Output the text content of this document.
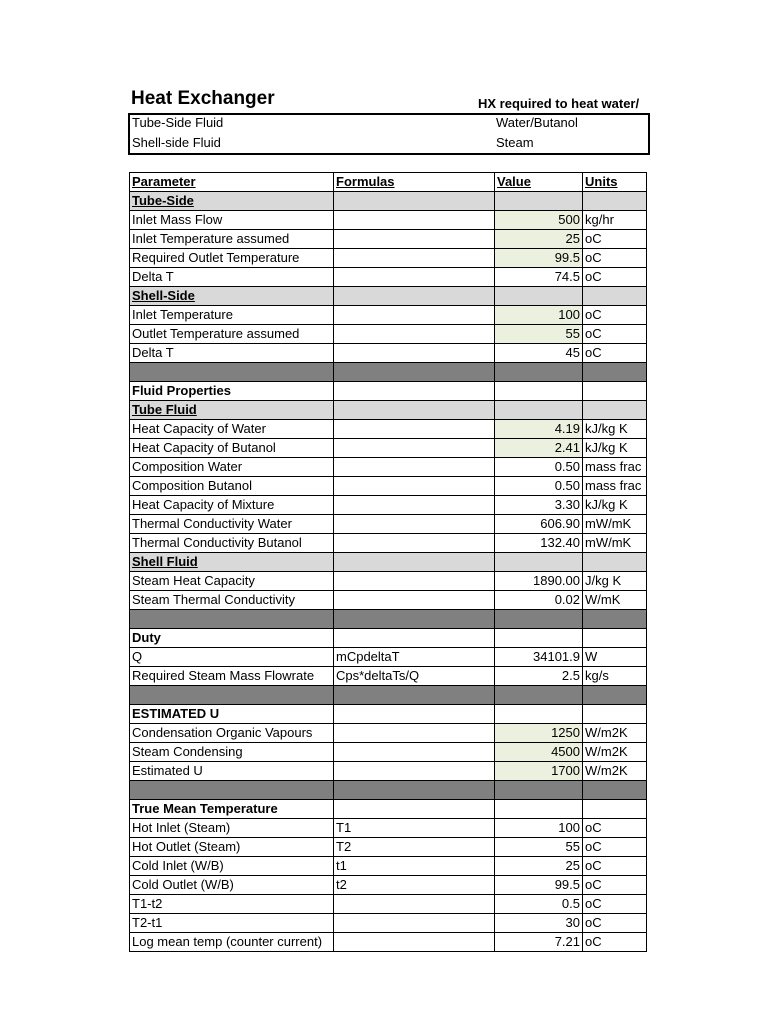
Heat Exchanger	HX required to heat water/
Tube-Side Fluid	Water/Butanol
Shell-side Fluid	Steam
Parameter	Formulas	Value	Units
Tube-Side			
Inlet Mass Flow		500	kg/hr
Inlet Temperature assumed		25	oC
Required Outlet Temperature		99.5	oC
Delta T		74.5	oC
Shell-Side			
Inlet Temperature		100	oC
Outlet Temperature assumed		55	oC
Delta T		45	oC

Fluid Properties			
Tube Fluid			
Heat Capacity of Water		4.19	kJ/kg K
Heat Capacity of Butanol		2.41	kJ/kg K
Composition Water		0.50	mass frac
Composition Butanol		0.50	mass frac
Heat Capacity of Mixture		3.30	kJ/kg K
Thermal Conductivity Water		606.90	mW/mK
Thermal Conductivity Butanol		132.40	mW/mK
Shell Fluid			
Steam Heat Capacity		1890.00	J/kg K
Steam Thermal Conductivity		0.02	W/mK

Duty			
Q	mCpdeltaT	34101.9	W
Required Steam Mass Flowrate	Cps*deltaTs/Q	2.5	kg/s

ESTIMATED U			
Condensation Organic Vapours		1250	W/m2K
Steam Condensing		4500	W/m2K
Estimated U		1700	W/m2K

True Mean Temperature			
Hot Inlet (Steam)	T1	100	oC
Hot Outlet (Steam)	T2	55	oC
Cold Inlet (W/B)	t1	25	oC
Cold Outlet (W/B)	t2	99.5	oC
T1-t2		0.5	oC
T2-t1		30	oC
Log mean temp (counter current)		7.21	oC
